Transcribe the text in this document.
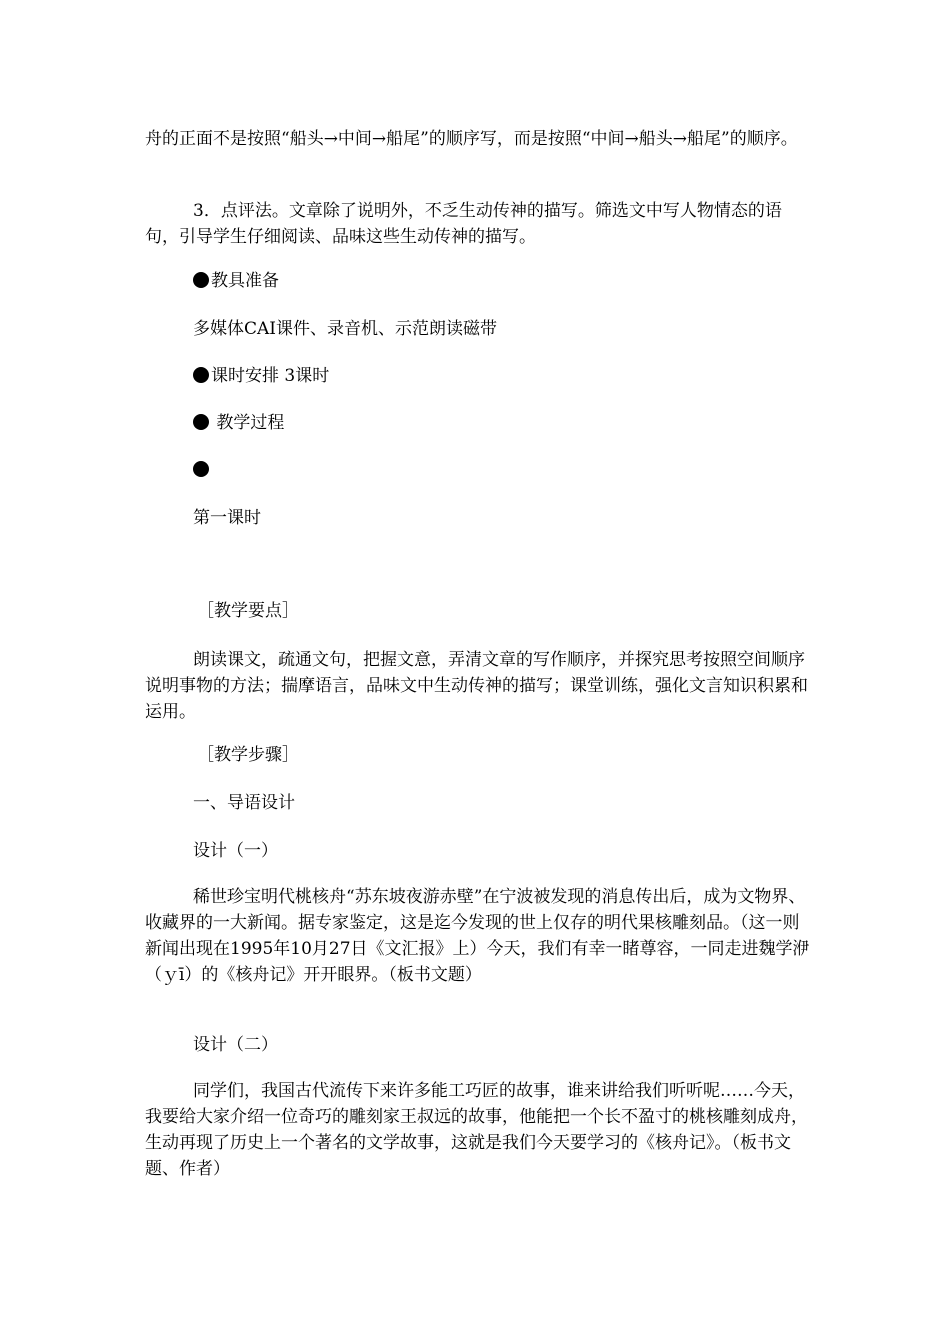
舟的正面不是按照“船头→中间→船尾”的顺序写，而是按照“中间→船头→船尾”的顺序。

3．点评法。文章除了说明外，不乏生动传神的描写。筛选文中写人物情态的语句，引导学生仔细阅读、品味这些生动传神的描写。

教具准备

多媒体CAI课件、录音机、示范朗读磁带

课时安排 3课时

教学过程

第一课时

［教学要点］

朗读课文，疏通文句，把握文意，弄清文章的写作顺序，并探究思考按照空间顺序说明事物的方法；揣摩语言，品味文中生动传神的描写；课堂训练，强化文言知识积累和运用。

［教学步骤］

一、导语设计

设计（一）

稀世珍宝明代桃核舟“苏东坡夜游赤壁”在宁波被发现的消息传出后，成为文物界、收藏界的一大新闻。据专家鉴定，这是迄今发现的世上仅存的明代果核雕刻品。（这一则新闻出现在1995年10月27日《文汇报》上）今天，我们有幸一睹尊容，一同走进魏学洢（ｙī）的《核舟记》开开眼界。（板书文题）

设计（二）

同学们，我国古代流传下来许多能工巧匠的故事，谁来讲给我们听听呢……今天，我要给大家介绍一位奇巧的雕刻家王叔远的故事，他能把一个长不盈寸的桃核雕刻成舟，生动再现了历史上一个著名的文学故事，这就是我们今天要学习的《核舟记》。（板书文题、作者）
